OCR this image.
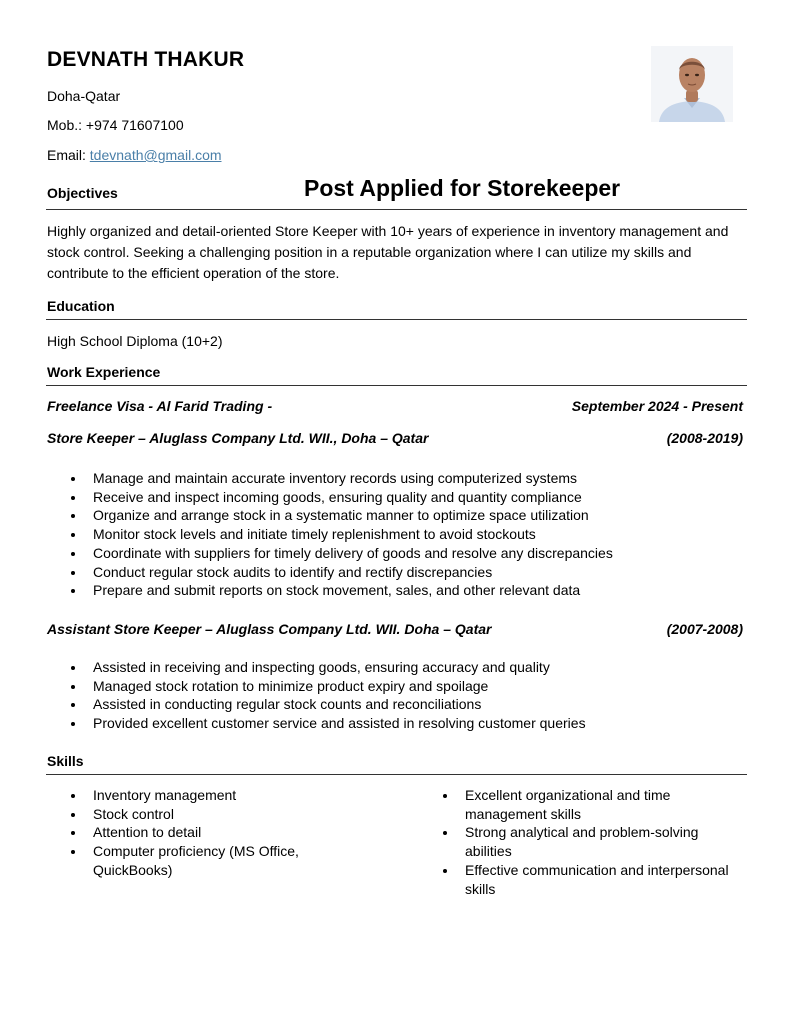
DEVNATH THAKUR
Doha-Qatar
Mob.: +974 71607100
Email: tdevnath@gmail.com
Objectives	Post Applied for Storekeeper
Highly organized and detail-oriented Store Keeper with 10+ years of experience in inventory management and stock control. Seeking a challenging position in a reputable organization where I can utilize my skills and contribute to the efficient operation of the store.
Education
High School Diploma (10+2)
Work Experience
Freelance Visa - Al Farid Trading -	September 2024 - Present
Store Keeper – Aluglass Company Ltd. WII., Doha – Qatar	(2008-2019)
Manage and maintain accurate inventory records using computerized systems
Receive and inspect incoming goods, ensuring quality and quantity compliance
Organize and arrange stock in a systematic manner to optimize space utilization
Monitor stock levels and initiate timely replenishment to avoid stockouts
Coordinate with suppliers for timely delivery of goods and resolve any discrepancies
Conduct regular stock audits to identify and rectify discrepancies
Prepare and submit reports on stock movement, sales, and other relevant data
Assistant Store Keeper – Aluglass Company Ltd. WII. Doha – Qatar	(2007-2008)
Assisted in receiving and inspecting goods, ensuring accuracy and quality
Managed stock rotation to minimize product expiry and spoilage
Assisted in conducting regular stock counts and reconciliations
Provided excellent customer service and assisted in resolving customer queries
Skills
Inventory management
Stock control
Attention to detail
Computer proficiency (MS Office, QuickBooks)
Excellent organizational and time management skills
Strong analytical and problem-solving abilities
Effective communication and interpersonal skills
